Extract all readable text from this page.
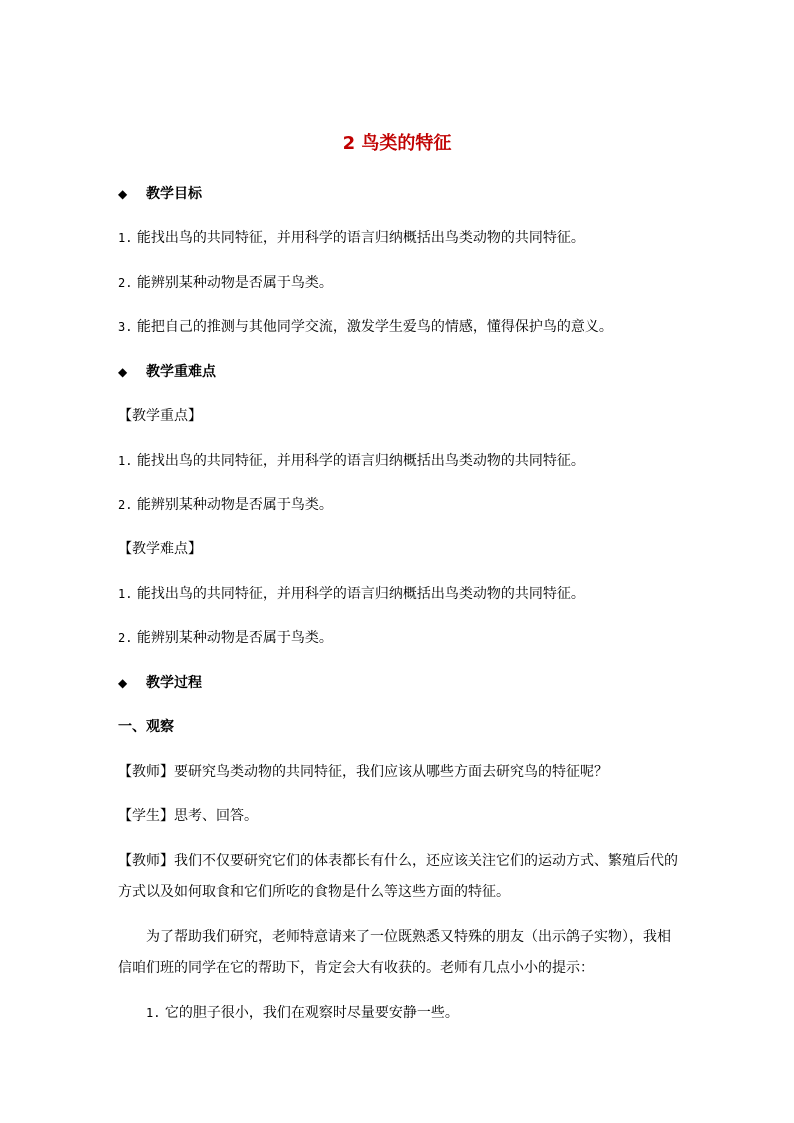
2 鸟类的特征

◆ 教学目标

1. 能找出鸟的共同特征，并用科学的语言归纳概括出鸟类动物的共同特征。

2. 能辨别某种动物是否属于鸟类。

3. 能把自己的推测与其他同学交流，激发学生爱鸟的情感，懂得保护鸟的意义。

◆ 教学重难点

【教学重点】

1. 能找出鸟的共同特征，并用科学的语言归纳概括出鸟类动物的共同特征。

2. 能辨别某种动物是否属于鸟类。

【教学难点】

1. 能找出鸟的共同特征，并用科学的语言归纳概括出鸟类动物的共同特征。

2. 能辨别某种动物是否属于鸟类。

◆ 教学过程

一、观察

【教师】要研究鸟类动物的共同特征，我们应该从哪些方面去研究鸟的特征呢？

【学生】思考、回答。

【教师】我们不仅要研究它们的体表都长有什么，还应该关注它们的运动方式、繁殖后代的

方式以及如何取食和它们所吃的食物是什么等这些方面的特征。

为了帮助我们研究，老师特意请来了一位既熟悉又特殊的朋友（出示鸽子实物），我相

信咱们班的同学在它的帮助下，肯定会大有收获的。老师有几点小小的提示：

1. 它的胆子很小，我们在观察时尽量要安静一些。
